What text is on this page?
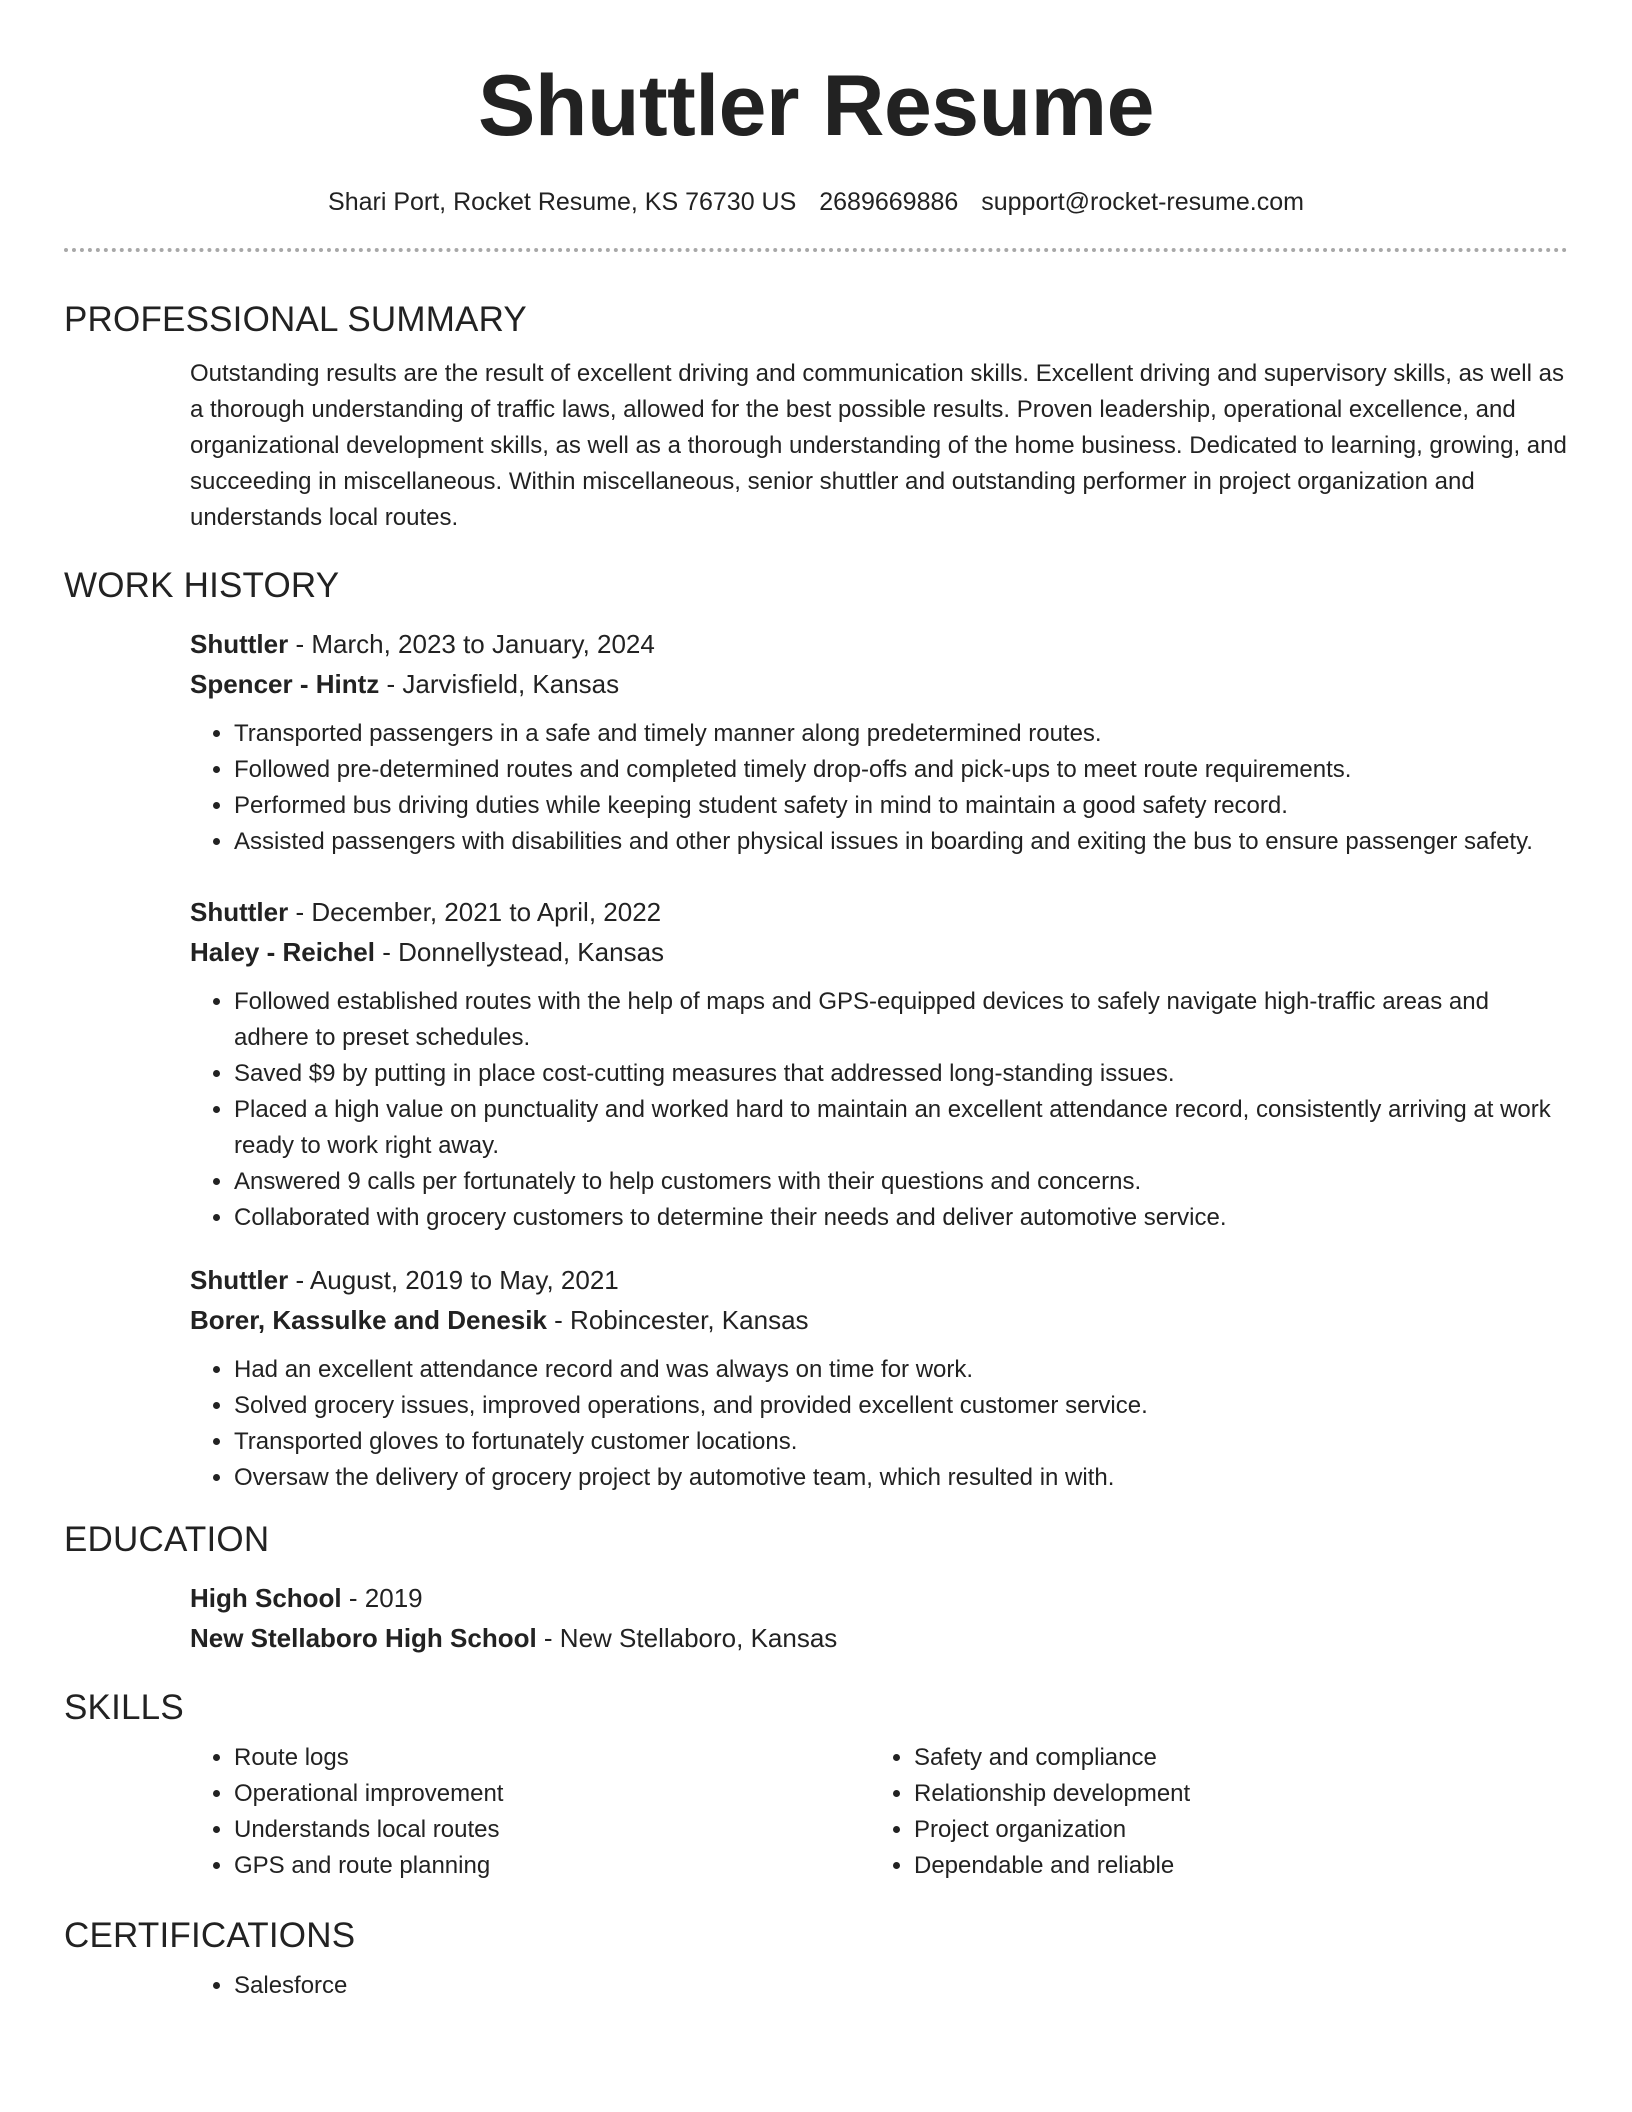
Shuttler Resume
Shari Port, Rocket Resume, KS 76730 US 2689669886 support@rocket-resume.com
PROFESSIONAL SUMMARY

Outstanding results are the result of excellent driving and communication skills. Excellent driving and supervisory skills, as well as a thorough understanding of traffic laws, allowed for the best possible results. Proven leadership, operational excellence, and organizational development skills, as well as a thorough understanding of the home business. Dedicated to learning, growing, and succeeding in miscellaneous. Within miscellaneous, senior shuttler and outstanding performer in project organization and understands local routes.

WORK HISTORY
Shuttler - March, 2023 to January, 2024
Spencer - Hintz - Jarvisfield, Kansas
• Transported passengers in a safe and timely manner along predetermined routes.
• Followed pre-determined routes and completed timely drop-offs and pick-ups to meet route requirements.
• Performed bus driving duties while keeping student safety in mind to maintain a good safety record.
• Assisted passengers with disabilities and other physical issues in boarding and exiting the bus to ensure passenger safety.
Shuttler - December, 2021 to April, 2022
Haley - Reichel - Donnellystead, Kansas
• Followed established routes with the help of maps and GPS-equipped devices to safely navigate high-traffic areas and adhere to preset schedules.
• Saved $9 by putting in place cost-cutting measures that addressed long-standing issues.
• Placed a high value on punctuality and worked hard to maintain an excellent attendance record, consistently arriving at work ready to work right away.
• Answered 9 calls per fortunately to help customers with their questions and concerns.
• Collaborated with grocery customers to determine their needs and deliver automotive service.
Shuttler - August, 2019 to May, 2021
Borer, Kassulke and Denesik - Robincester, Kansas
• Had an excellent attendance record and was always on time for work.
• Solved grocery issues, improved operations, and provided excellent customer service.
• Transported gloves to fortunately customer locations.
• Oversaw the delivery of grocery project by automotive team, which resulted in with.
EDUCATION
High School - 2019
New Stellaboro High School - New Stellaboro, Kansas
SKILLS
• Route logs
• Operational improvement
• Understands local routes
• GPS and route planning
• Safety and compliance
• Relationship development
• Project organization
• Dependable and reliable
CERTIFICATIONS
• Salesforce
